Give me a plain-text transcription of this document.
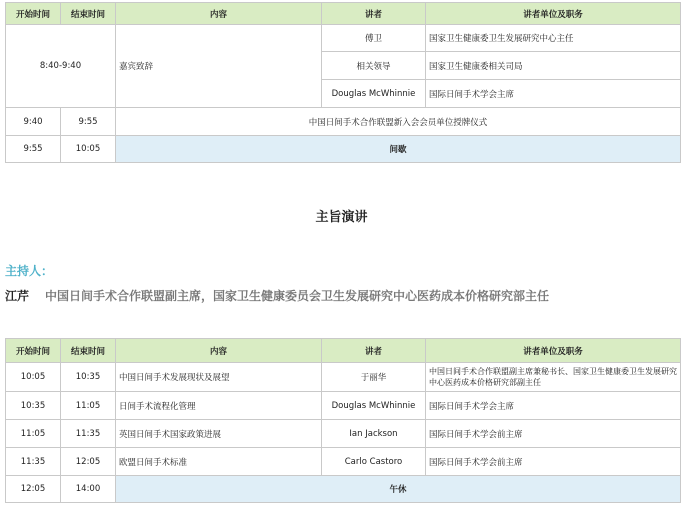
开始时间	结束时间	内容	讲者	讲者单位及职务
8:40-9:40		嘉宾致辞	傅卫	国家卫生健康委卫生发展研究中心主任
			相关领导	国家卫生健康委相关司局
			Douglas McWhinnie	国际日间手术学会主席
9:40	9:55	中国日间手术合作联盟新入会会员单位授牌仪式		
9:55	10:05	间歇		
主旨演讲
主持人：
江芹 中国日间手术合作联盟副主席，国家卫生健康委员会卫生发展研究中心医药成本价格研究部主任
开始时间	结束时间	内容	讲者	讲者单位及职务
10:05	10:35	中国日间手术发展现状及展望	于丽华	中国日间手术合作联盟副主席兼秘书长、国家卫生健康委卫生发展研究中心医药成本价格研究部副主任
10:35	11:05	日间手术流程化管理	Douglas McWhinnie	国际日间手术学会主席
11:05	11:35	英国日间手术国家政策进展	Ian Jackson	国际日间手术学会前主席
11:35	12:05	欧盟日间手术标准	Carlo Castoro	国际日间手术学会前主席
12:05	14:00	午休		
